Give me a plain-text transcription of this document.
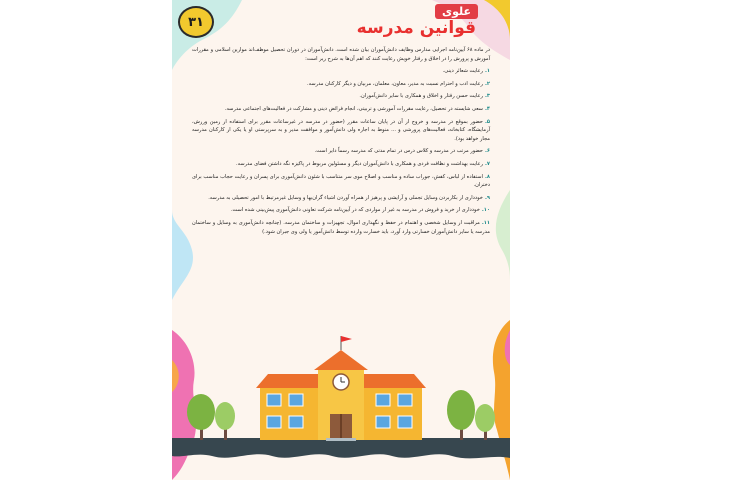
۳۱
علوی
قوانین مدرسه

در ماده ۶۸ آیین‌نامه اجرایی مدارس وظایف دانش‌آموزان بیان شده است. دانش‌آموزان در دوران تحصیل موظف‌اند موازین اسلامی و مقررات آموزش و پرورش را در اخلاق و رفتار خویش رعایت کنند که اهم آن‌ها به شرح زیر است:

۱.رعایت شعائر دینی.

۲.رعایت ادب و احترام نسبت به مدیر، معاون، معلمان، مربیان و دیگر کارکنان مدرسه.

۳.رعایت حسن رفتار و اخلاق و همکاری با سایر دانش‌آموزان.

۴.سعی شایسته در تحصیل، رعایت مقررات آموزشی و تربیتی، انجام فرائض دینی و مشارکت در فعالیت‌های اجتماعی مدرسه.

۵.حضور بموقع در مدرسه و خروج از آن در پایان ساعات مقرر (حضور در مدرسه در غیرساعات مقرر برای استفاده از زمین ورزش، آزمایشگاه، کتابخانه، فعالیت‌های پرورشی و ... منوط به اجازه ولی دانش‌آموز و موافقت مدیر و به سرپرستی او یا یکی از کارکنان مدرسه مجاز خواهد بود).

۶.حضور مرتب در مدرسه و کلاس درس در تمام مدتی که مدرسه رسماً دایر است.

۷.رعایت بهداشت و نظافت فردی و همکاری با دانش‌آموزان دیگر و مسئولین مربوط در پاکیزه نگه داشتن فضای مدرسه.

۸.استفاده از لباس، کفش، جوراب ساده و مناسب و اصلاح موی سر متناسب با شئون دانش‌آموزی برای پسران و رعایت حجاب مناسب برای دختران.

۹.خودداری از بکاربردن وسایل تجملی و آرایشی و پرهیز از همراه آوردن اشیاء گران‌بها و وسایل غیرمرتبط با امور تحصیلی به مدرسه.

۱۰.خودداری از خرید و فروش در مدرسه به غیر از مواردی که در آیین‌نامه شرکت تعاونی دانش‌آموزی پیش‌بینی شده است.

۱۱.مراقبت از وسایل شخصی و اهتمام در حفظ و نگهداری اموال، تجهیزات و ساختمان مدرسه. (چنانچه دانش‌آموزی به وسایل و ساختمان مدرسه یا سایر دانش‌آموزان خسارتی وارد آورد، باید خسارت وارده توسط دانش‌آموز یا ولی وی جبران شود.)
